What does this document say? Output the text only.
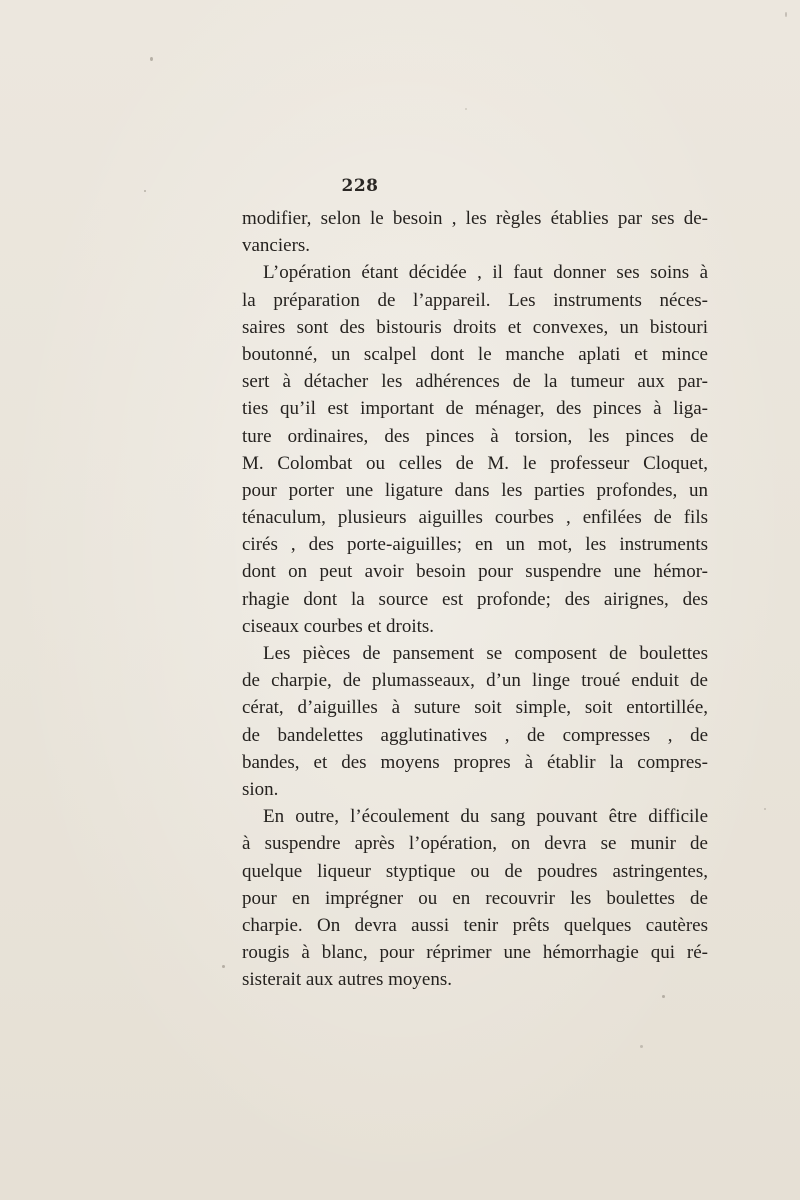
228
modifier, selon le besoin , les règles établies par ses de-
vanciers.
L’opération étant décidée , il faut donner ses soins à
la préparation de l’appareil. Les instruments néces-
saires sont des bistouris droits et convexes, un bistouri
boutonné, un scalpel dont le manche aplati et mince
sert à détacher les adhérences de la tumeur aux par-
ties qu’il est important de ménager, des pinces à liga-
ture ordinaires, des pinces à torsion, les pinces de
M. Colombat ou celles de M. le professeur Cloquet,
pour porter une ligature dans les parties profondes, un
ténaculum, plusieurs aiguilles courbes , enfilées de fils
cirés , des porte-aiguilles; en un mot, les instruments
dont on peut avoir besoin pour suspendre une hémor-
rhagie dont la source est profonde; des airignes, des
ciseaux courbes et droits.
Les pièces de pansement se composent de boulettes
de charpie, de plumasseaux, d’un linge troué enduit de
cérat, d’aiguilles à suture soit simple, soit entortillée,
de bandelettes agglutinatives , de compresses , de
bandes, et des moyens propres à établir la compres-
sion.
En outre, l’écoulement du sang pouvant être difficile
à suspendre après l’opération, on devra se munir de
quelque liqueur styptique ou de poudres astringentes,
pour en imprégner ou en recouvrir les boulettes de
charpie. On devra aussi tenir prêts quelques cautères
rougis à blanc, pour réprimer une hémorrhagie qui ré-
sisterait aux autres moyens.
